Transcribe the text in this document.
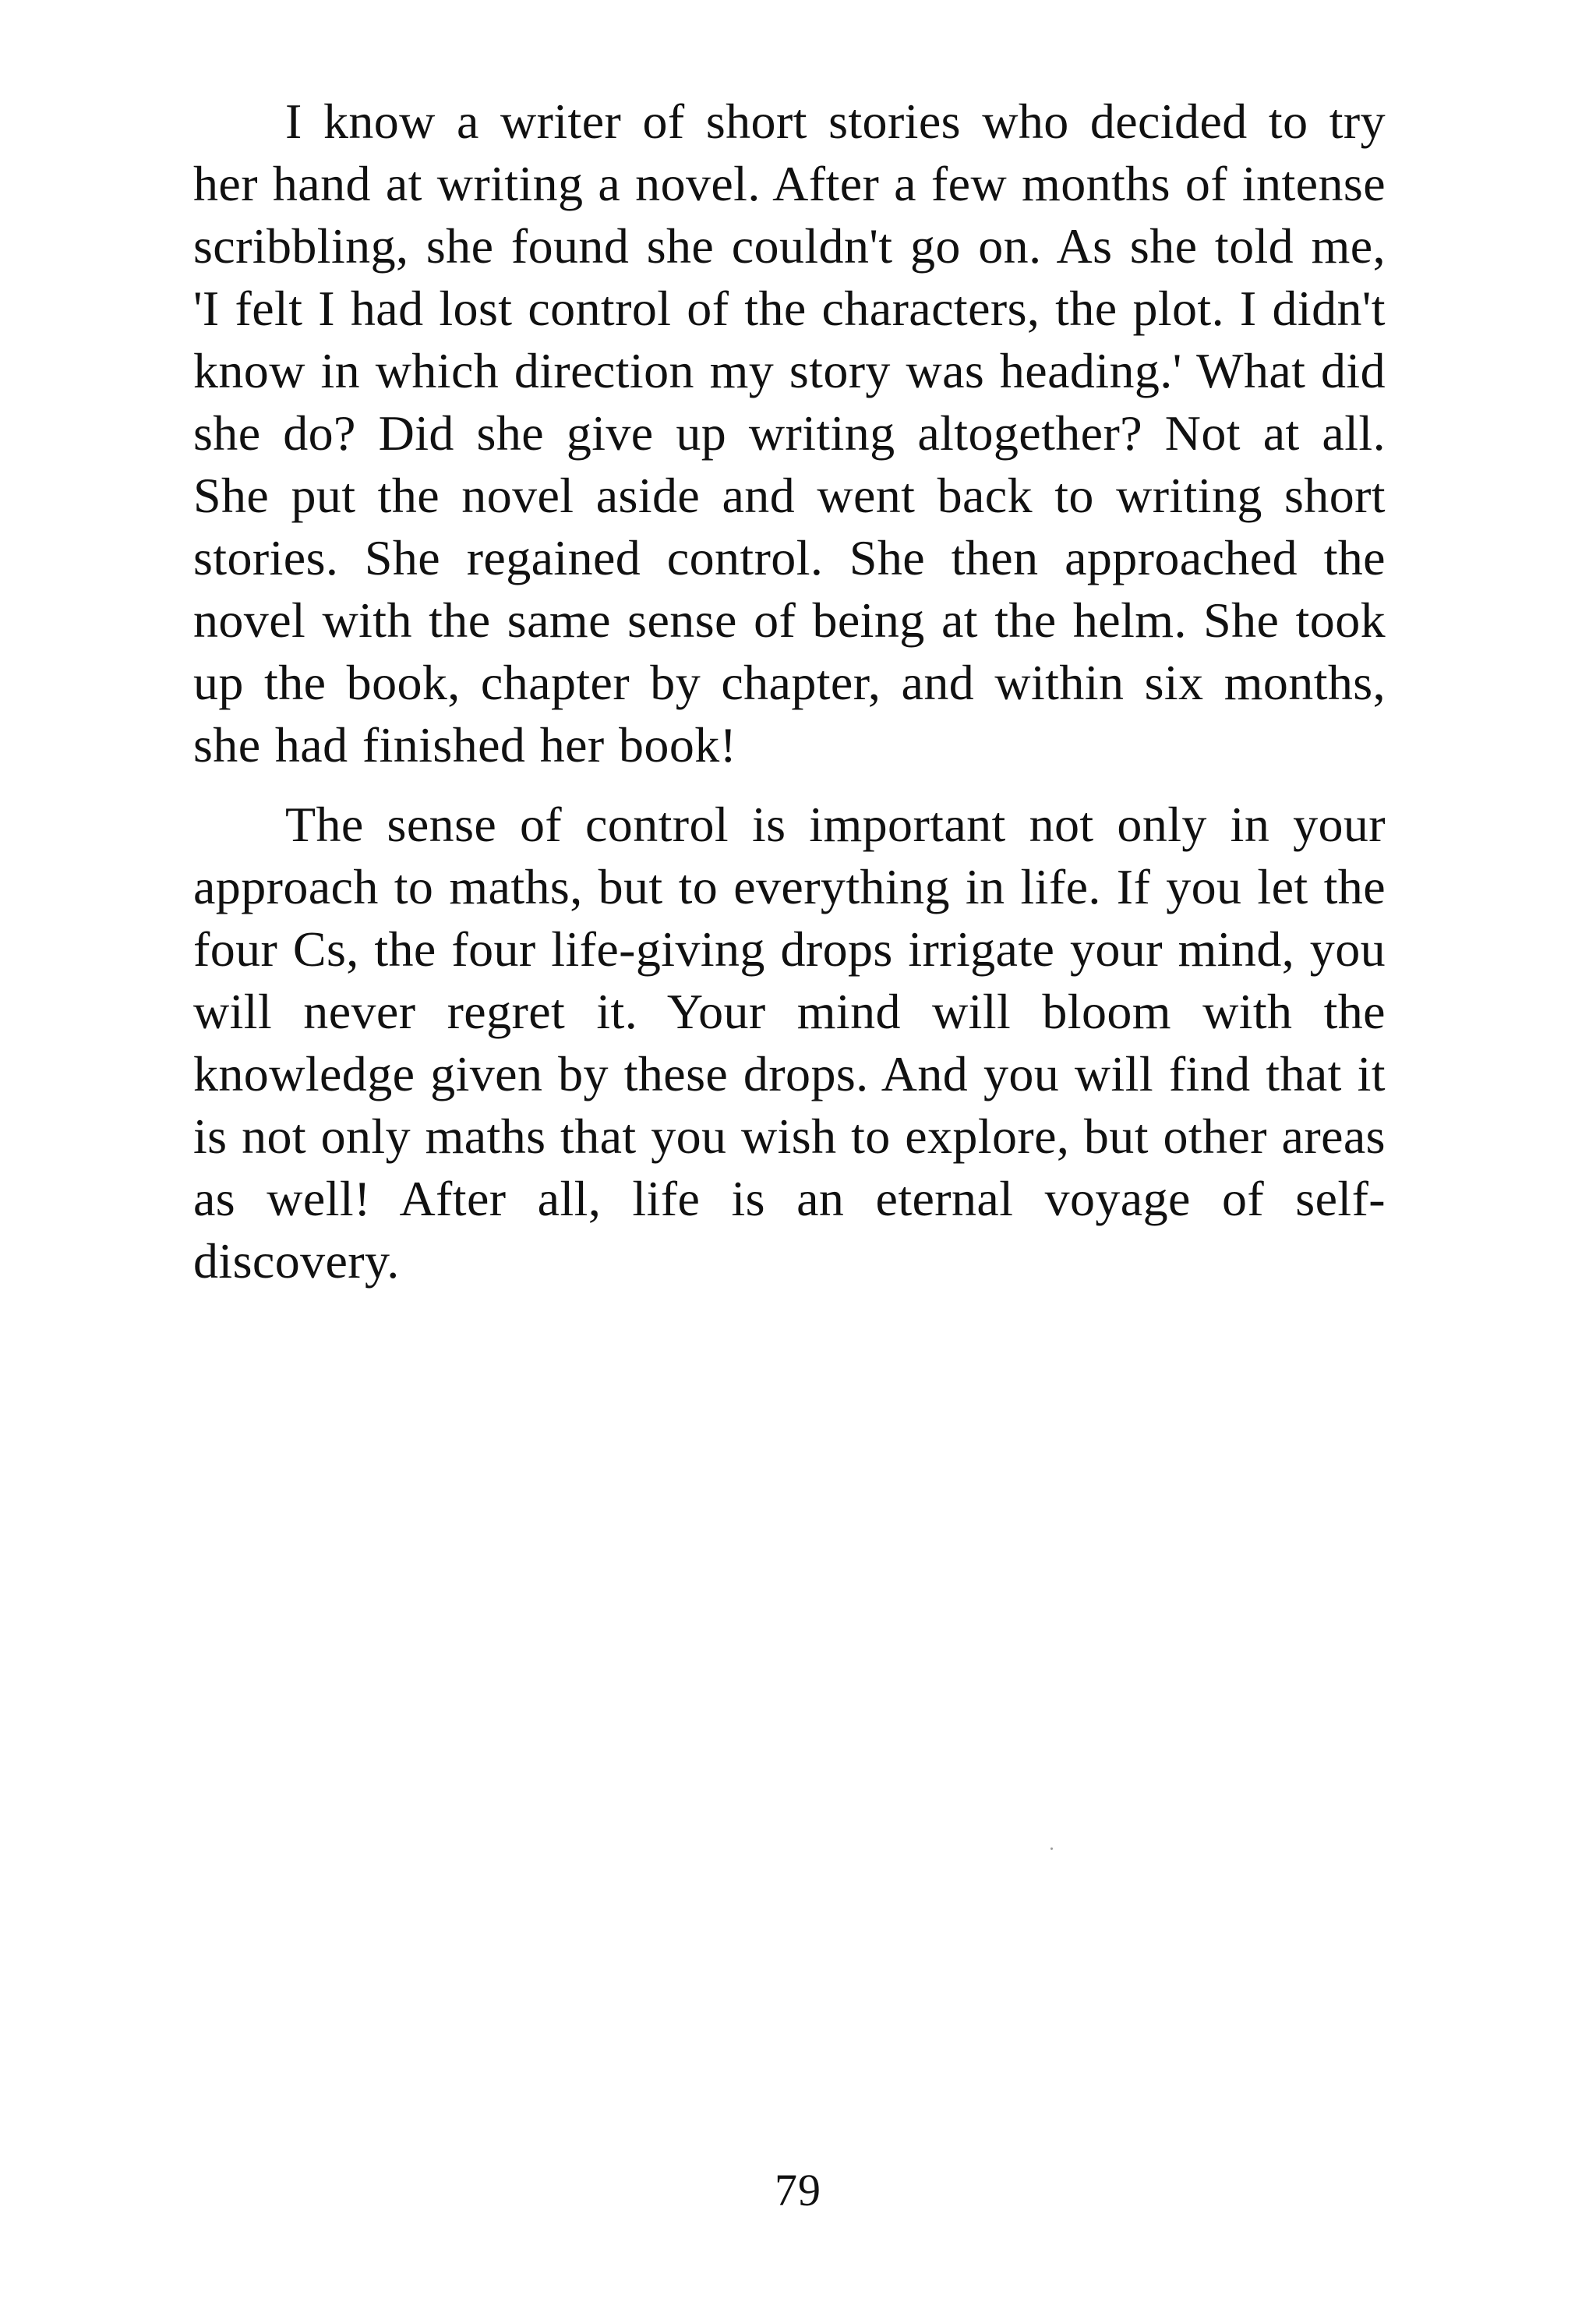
I know a writer of short stories who decided to try her hand at writing a novel. After a few months of intense scribbling, she found she couldn't go on. As she told me, 'I felt I had lost control of the characters, the plot. I didn't know in which direction my story was heading.' What did she do? Did she give up writing altogether? Not at all. She put the novel aside and went back to writing short stories. She regained control. She then approached the novel with the same sense of being at the helm. She took up the book, chapter by chapter, and within six months, she had finished her book!

The sense of control is important not only in your approach to maths, but to everything in life. If you let the four Cs, the four life-giving drops irrigate your mind, you will never regret it. Your mind will bloom with the knowledge given by these drops. And you will find that it is not only maths that you wish to explore, but other areas as well! After all, life is an eternal voyage of self-discovery.

79
